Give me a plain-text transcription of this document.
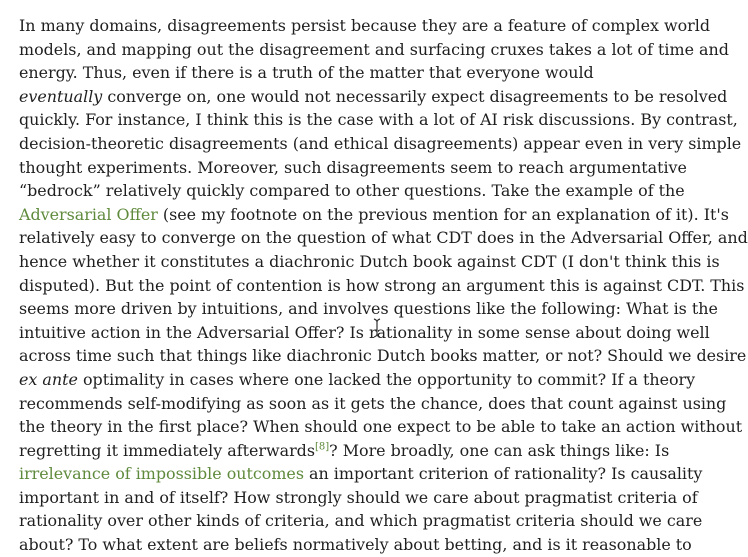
In many domains, disagreements persist because they are a feature of complex world
models, and mapping out the disagreement and surfacing cruxes takes a lot of time and
energy. Thus, even if there is a truth of the matter that everyone would
eventually converge on, one would not necessarily expect disagreements to be resolved
quickly. For instance, I think this is the case with a lot of AI risk discussions. By contrast,
decision-theoretic disagreements (and ethical disagreements) appear even in very simple
thought experiments. Moreover, such disagreements seem to reach argumentative
“bedrock” relatively quickly compared to other questions. Take the example of the
Adversarial Offer (see my footnote on the previous mention for an explanation of it). It's
relatively easy to converge on the question of what CDT does in the Adversarial Offer, and
hence whether it constitutes a diachronic Dutch book against CDT (I don't think this is
disputed). But the point of contention is how strong an argument this is against CDT. This
seems more driven by intuitions, and involves questions like the following: What is the
intuitive action in the Adversarial Offer? Is rationality in some sense about doing well
across time such that things like diachronic Dutch books matter, or not? Should we desire
ex ante optimality in cases where one lacked the opportunity to commit? If a theory
recommends self-modifying as soon as it gets the chance, does that count against using
the theory in the first place? When should one expect to be able to take an action without
regretting it immediately afterwards[8]? More broadly, one can ask things like: Is
irrelevance of impossible outcomes an important criterion of rationality? Is causality
important in and of itself? How strongly should we care about pragmatist criteria of
rationality over other kinds of criteria, and which pragmatist criteria should we care
about? To what extent are beliefs normatively about betting, and is it reasonable to
